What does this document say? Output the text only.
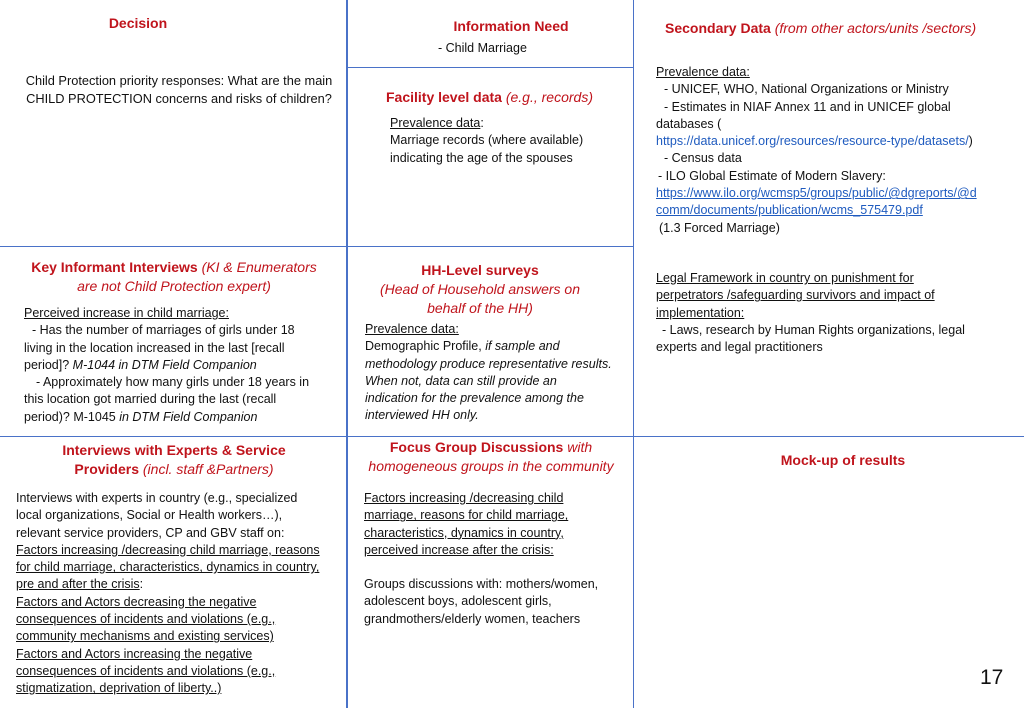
Decision
Child Protection priority responses: What are the main CHILD PROTECTION concerns and risks of children?
Information Need
- Child Marriage
Facility level data (e.g., records)

Prevalence data:

Marriage records (where available)

indicating the age of the spouses

Secondary Data (from other actors/units /sectors)

Prevalence data:

- UNICEF, WHO, National Organizations or Ministry

- Estimates in NIAF Annex 11 and in UNICEF global

databases (

https://data.unicef.org/resources/resource-type/datasets/)

- Census data

- ILO Global Estimate of Modern Slavery:

https://www.ilo.org/wcmsp5/groups/public/@dgreports/@d

comm/documents/publication/wcms_575479.pdf

(1.3 Forced Marriage)

Legal Framework in country on punishment for

perpetrators /safeguarding survivors and impact of

implementation:

- Laws, research by Human Rights organizations, legal

experts and legal practitioners

Key Informant Interviews (KI & Enumerators

are not Child Protection expert)

Perceived increase in child marriage:

- Has the number of marriages of girls under 18

living in the location increased in the last [recall

period]? M-1044 in DTM Field Companion

- Approximately how many girls under 18 years in

this location got married during the last (recall

period)? M-1045 in DTM Field Companion

HH-Level surveys

(Head of Household answers on

behalf of the HH)

Prevalence data:

Demographic Profile, if sample and

methodology produce representative results.

When not, data can still provide an

indication for the prevalence among the

interviewed HH only.

Interviews with Experts & Service

Providers (incl. staff &Partners)

Interviews with experts in country (e.g., specialized

local organizations, Social or Health workers…),

relevant service providers, CP and GBV staff on:

Factors increasing /decreasing child marriage, reasons

for child marriage, characteristics, dynamics in country,

pre and after the crisis:

Factors and Actors decreasing the negative

consequences of incidents and violations (e.g.,

community mechanisms and existing services)

Factors and Actors increasing the negative

consequences of incidents and violations (e.g.,

stigmatization, deprivation of liberty..)

Focus Group Discussions with

homogeneous groups in the community

Factors increasing /decreasing child

marriage, reasons for child marriage,

characteristics, dynamics in country,

perceived increase after the crisis:

Groups discussions with: mothers/women,

adolescent boys, adolescent girls,

grandmothers/elderly women, teachers

Mock-up of results
17
